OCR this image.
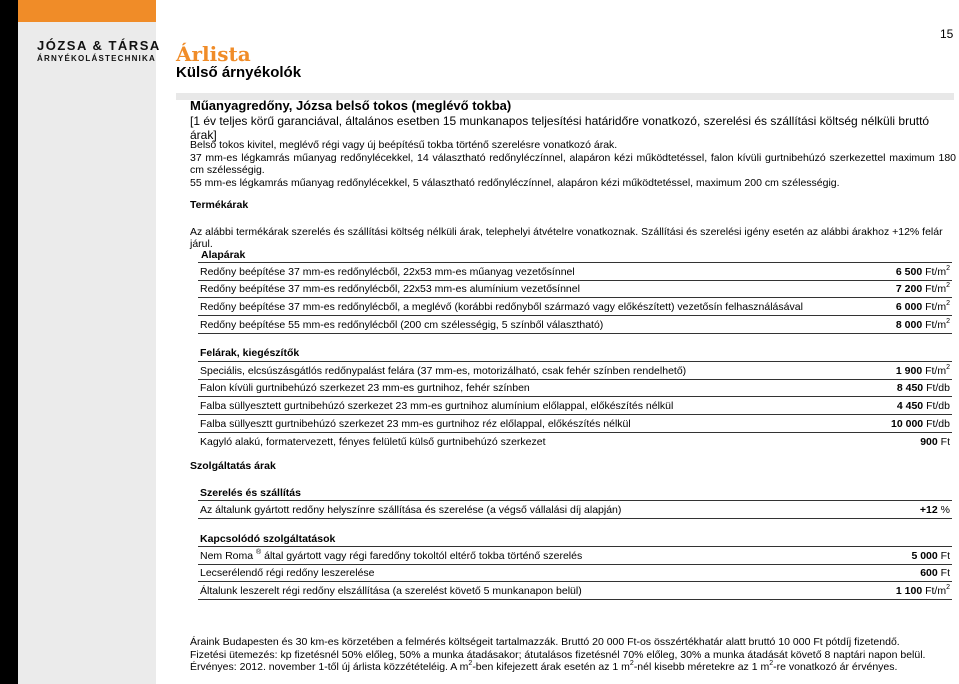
JÓZSA & TÁRSA
ÁRNYÉKOLÁSTECHNIKA
15
Árlista
Külső árnyékolók
Műanyagredőny, Józsa belső tokos (meglévő tokba)
[1 év teljes körű garanciával, általános esetben 15 munkanapos teljesítési határidőre vonatkozó, szerelési és szállítási költség nélküli bruttó árak]
Belső tokos kivitel, meglévő régi vagy új beépítésű tokba történő szerelésre vonatkozó árak.
37 mm-es légkamrás műanyag redőnylécekkel, 14 választható redőnyléczínnel, alapáron kézi működtetéssel, falon kívüli gurtnibehúzó szerkezettel maximum 180 cm szélességig.
55 mm-es légkamrás műanyag redőnylécekkel, 5 választható redőnyléczínnel, alapáron kézi működtetéssel, maximum 200 cm szélességig.
Termékárak
Az alábbi termékárak szerelés és szállítási költség nélküli árak, telephelyi átvételre vonatkoznak. Szállítási és szerelési igény esetén az alábbi árakhoz +12% felár járul.
Alapárak
Redőny beépítése 37 mm-es redőnylécből, 22x53 mm-es műanyag vezetősínnel	6 500 $Ft/m^2$
Redőny beépítése 37 mm-es redőnylécből, 22x53 mm-es alumínium vezetősínnel	7 200 $Ft/m^2$
Redőny beépítése 37 mm-es redőnylécből, a meglévő (korábbi redőnyből származó vagy előkészített) vezetősín felhasználásával	6 000 $Ft/m^2$
Redőny beépítése 55 mm-es redőnylécből (200 cm szélességig, 5 színből választható)	8 000 $Ft/m^2$
Felárak, kiegészítők
Speciális, elcsúszásgátlós redőnypalást felára (37 mm-es, motorizálható, csak fehér színben rendelhető)	1 900 $Ft/m^2$
Falon kívüli gurtnibehúzó szerkezet 23 mm-es gurtnihoz, fehér színben	8 450 Ft/db
Falba süllyesztett gurtnibehúzó szerkezet 23 mm-es gurtnihoz alumínium előlappal, előkészítés nélkül	4 450 Ft/db
Falba süllyesztt gurtnibehúzó szerkezet 23 mm-es gurtnihoz réz előlappal, előkészítés nélkül	10 000 Ft/db
Kagyló alakú, formatervezett, fényes felületű külső gurtnibehúzó szerkezet	900 Ft
Szolgáltatás árak
Szerelés és szállítás
Az általunk gyártott redőny helyszínre szállítása és szerelése (a végső vállalási díj alapján)	+12 %
Kapcsolódó szolgáltatások
Nem Roma ® által gyártott vagy régi faredőny tokoltól eltérő tokba történő szerelés	5 000 Ft
Lecserélendő régi redőny leszerelése	600 Ft
Általunk leszerelt régi redőny elszállítása (a szerelést követő 5 munkanapon belül)	1 100 $Ft/m^2$
Áraink Budapesten és 30 km-es körzetében a felmérés költségeit tartalmazzák. Bruttó 20 000 Ft-os összértékhatár alatt bruttó 10 000 Ft pótdíj fizetendő.
Fizetési ütemezés: kp fizetésnél 50% előleg, 50% a munka átadásakor; átutalásos fizetésnél 70% előleg, 30% a munka átadását követő 8 naptári napon belül.
Érvényes: 2012. november 1-től új árlista közzétételéig. A $m^2$-ben kifejezett árak esetén az 1 $m^2$-nél kisebb méretekre az 1 $m^2-re$ vonatkozó ár érvényes.
